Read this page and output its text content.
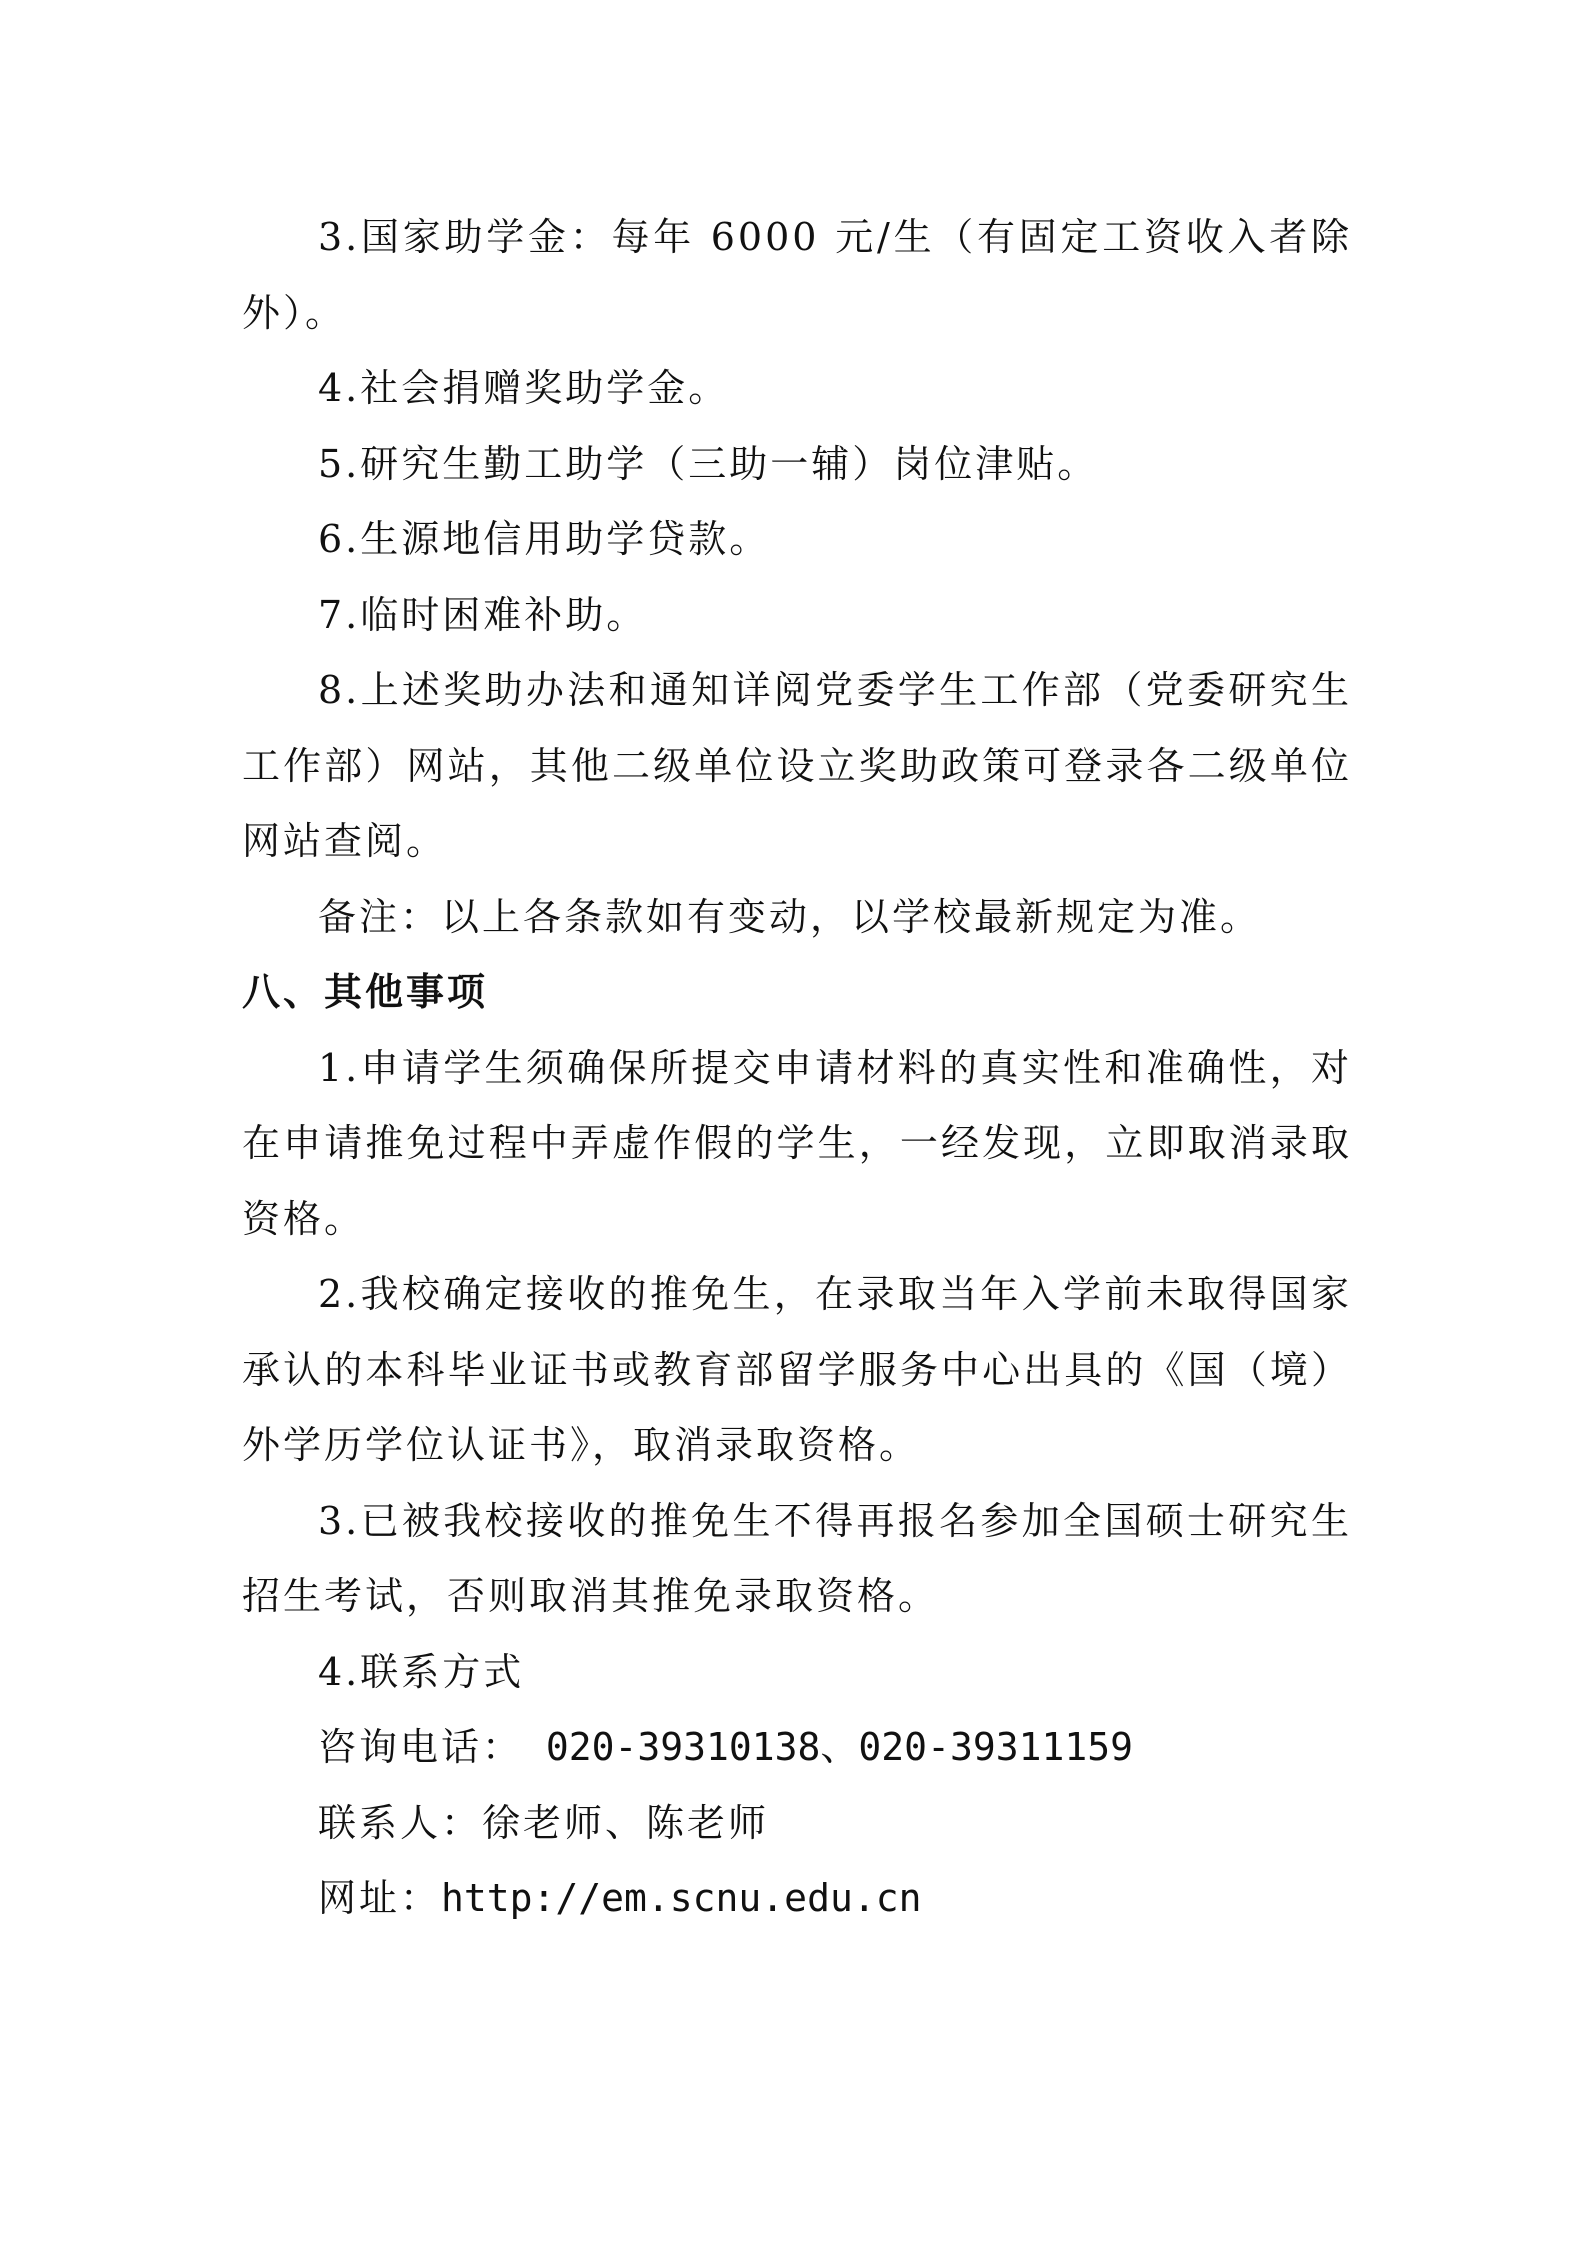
3.国家助学金：每年 6000 元/生（有固定工资收入者除外）。

4.社会捐赠奖助学金。

5.研究生勤工助学（三助一辅）岗位津贴。

6.生源地信用助学贷款。

7.临时困难补助。

8.上述奖助办法和通知详阅党委学生工作部（党委研究生工作部）网站，其他二级单位设立奖助政策可登录各二级单位网站查阅。

备注：以上各条款如有变动，以学校最新规定为准。

八、其他事项

1.申请学生须确保所提交申请材料的真实性和准确性，对在申请推免过程中弄虚作假的学生，一经发现，立即取消录取资格。

2.我校确定接收的推免生，在录取当年入学前未取得国家承认的本科毕业证书或教育部留学服务中心出具的《国（境）外学历学位认证书》，取消录取资格。

3.已被我校接收的推免生不得再报名参加全国硕士研究生招生考试，否则取消其推免录取资格。

4.联系方式

咨询电话： 020-39310138、020-39311159

联系人：徐老师、陈老师

网址：http://em.scnu.edu.cn
